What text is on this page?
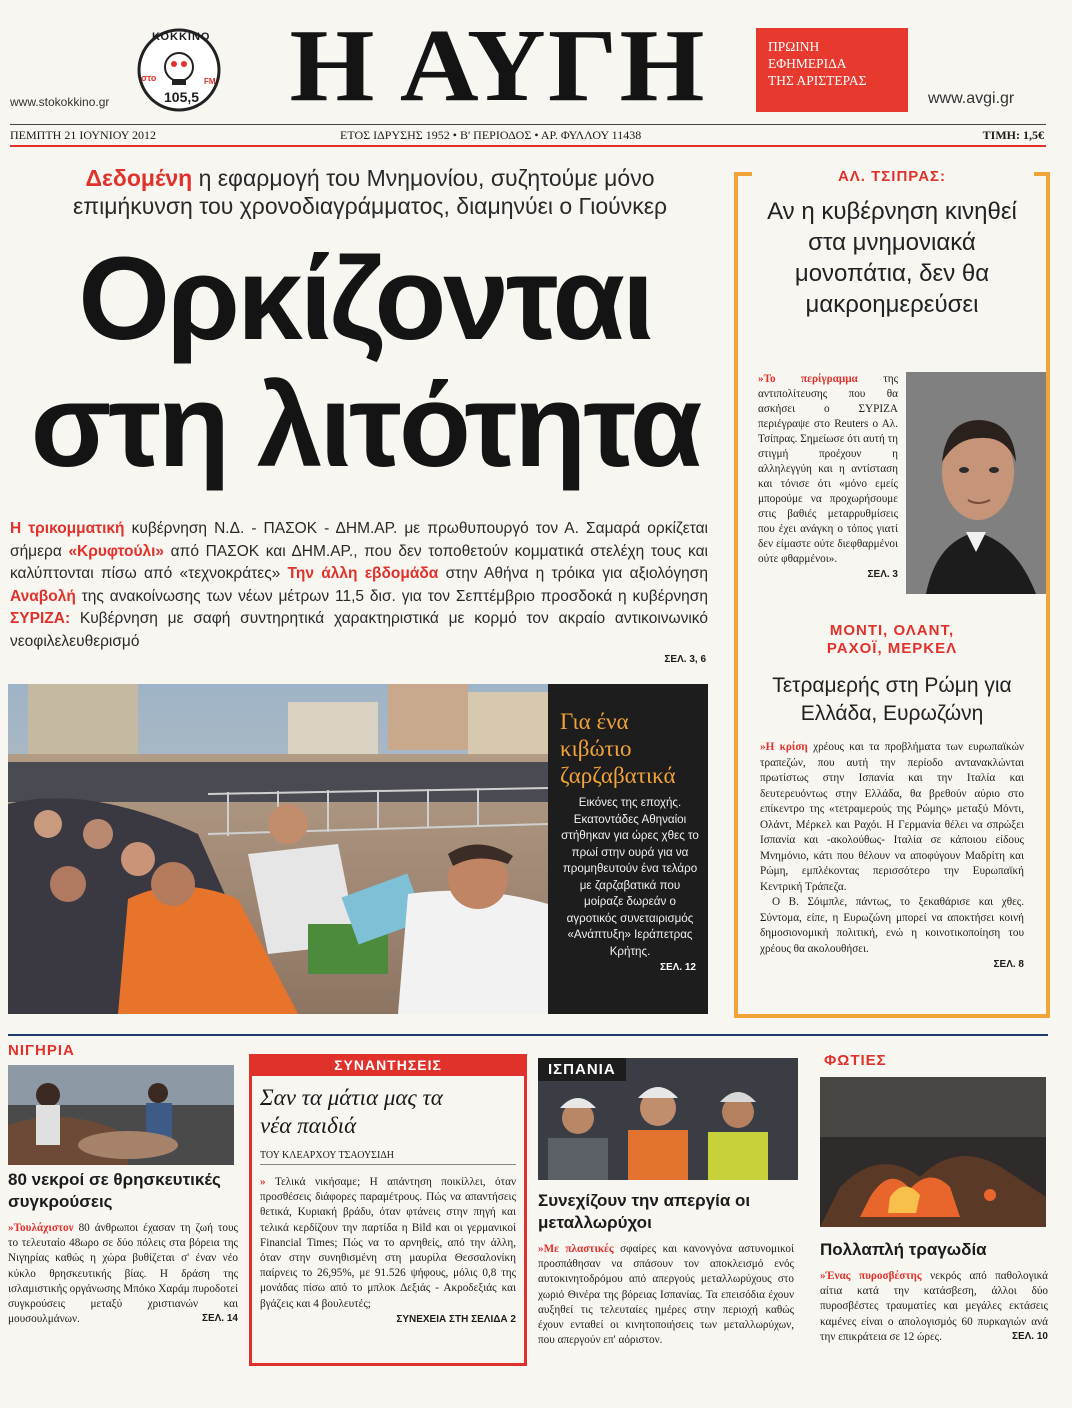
www.stokokkino.gr
ΚΟΚΚΙΝΟ
στο
105,5
FM Η ΑΥΓΗ	ΠΡΩΙΝΗ
ΕΦΗΜΕΡΙΔΑ
ΤΗΣ ΑΡΙΣΤΕΡΑΣ
www.avgi.gr
ΠΕΜΠΤΗ 21 ΙΟΥΝΙΟΥ 2012	ΕΤΟΣ ΙΔΡΥΣΗΣ 1952 • Β' ΠΕΡΙΟΔΟΣ • ΑΡ. ΦΥΛΛΟΥ 11438	ΤΙΜΗ: 1,5€
Δεδομένη η εφαρμογή του Μνημονίου, συζητούμε μόνο
επιμήκυνση του χρονοδιαγράμματος, διαμηνύει ο Γιούνκερ
Ορκίζονται
στη λιτότητα
Η τρικομματική κυβέρνηση Ν.Δ. - ΠΑΣΟΚ - ΔΗΜ.ΑΡ. με πρωθυπουργό τον Α. Σαμαρά ορκίζεται σήμερα «Κρυφτούλι» από ΠΑΣΟΚ και ΔΗΜ.ΑΡ., που δεν τοποθετούν κομματικά στελέχη τους και καλύπτονται πίσω από «τεχνοκράτες» Την άλλη εβδομάδα στην Αθήνα η τρόικα για αξιολόγηση Αναβολή της ανακοίνωσης των νέων μέτρων 11,5 δισ. για τον Σεπτέμβριο προσδοκά η κυβέρνηση ΣΥΡΙΖΑ: Κυβέρνηση με σαφή συντηρητικά χαρακτηριστικά με κορμό τον ακραίο αντικοινωνικό νεοφιλελευθερισμό
ΣΕΛ. 3, 6
Για ένα κιβώτιο ζαρζαβατικά
Εικόνες της εποχής. Εκατοντάδες Αθηναίοι στήθηκαν για ώρες χθες το πρωί στην ουρά για να προμηθευτούν ένα τελάρο με ζαρζαβατικά που μοίραζε δωρεάν ο αγροτικός συνεταιρισμός «Ανάπτυξη» Ιεράπετρας Κρήτης.
ΣΕΛ. 12
ΑΛ. ΤΣΙΠΡΑΣ:
Αν η κυβέρνηση κινηθεί στα μνημονιακά μονοπάτια, δεν θα μακροημερεύσει
»Το περίγραμμα της αντιπολίτευσης που θα ασκήσει ο ΣΥΡΙΖΑ περιέγραψε στο Reuters ο Αλ. Τσίπρας. Σημείωσε ότι αυτή τη στιγμή προέχουν η αλληλεγγύη και η αντίσταση και τόνισε ότι «μόνο εμείς μπορούμε να προχωρήσουμε στις βαθιές μεταρρυθμίσεις που έχει ανάγκη ο τόπος γιατί δεν είμαστε ούτε διεφθαρμένοι ούτε φθαρμένοι».
ΣΕΛ. 3
ΜΟΝΤΙ, ΟΛΑΝΤ,
ΡΑΧΟΪ, ΜΕΡΚΕΛ
Τετραμερής στη Ρώμη για Ελλάδα, Ευρωζώνη
»Η κρίση χρέους και τα προβλήματα των ευρωπαϊκών τραπεζών, που αυτή την περίοδο αντανακλώνται πρωτίστως στην Ισπανία και την Ιταλία και δευτερευόντως στην Ελλάδα, θα βρεθούν αύριο στο επίκεντρο της «τετραμερούς της Ρώμης» μεταξύ Μόντι, Ολάντ, Μέρκελ και Ραχόι. Η Γερμανία θέλει να σπρώξει Ισπανία και -ακολούθως- Ιταλία σε κάποιου είδους Μνημόνιο, κάτι που θέλουν να αποφύγουν Μαδρίτη και Ρώμη, εμπλέκοντας περισσότερο την Ευρωπαϊκή Κεντρική Τράπεζα.
Ο Β. Σόιμπλε, πάντως, το ξεκαθάρισε και χθες. Σύντομα, είπε, η Ευρωζώνη μπορεί να αποκτήσει κοινή δημοσιονομική πολιτική, ενώ η κοινοτικοποίηση του χρέους θα ακολουθήσει.
ΣΕΛ. 8
ΝΙΓΗΡΙΑ
80 νεκροί σε θρησκευτικές συγκρούσεις
»Τουλάχιστον 80 άνθρωποι έχασαν τη ζωή τους το τελευταίο 48ωρο σε δύο πόλεις στα βόρεια της Νιγηρίας καθώς η χώρα βυθίζεται σ' έναν νέο κύκλο θρησκευτικής βίας. Η δράση της ισλαμιστικής οργάνωσης Μπόκο Χαράμ πυροδοτεί συγκρούσεις μεταξύ χριστιανών και μουσουλμάνων.	ΣΕΛ. 14
ΣΥΝΑΝΤΗΣΕΙΣ
Σαν τα μάτια μας τα νέα παιδιά
ΤΟΥ ΚΛΕΑΡΧΟΥ ΤΣΑΟΥΣΙΔΗ
» Τελικά νικήσαμε; Η απάντηση ποικίλλει, όταν προσθέσεις διάφορες παραμέτρους. Πώς να απαντήσεις θετικά, Κυριακή βράδυ, όταν φτάνεις στην πηγή και τελικά κερδίζουν την παρτίδα η Bild και οι γερμανικοί Financial Times; Πώς να το αρνηθείς, από την άλλη, όταν στην συνηθισμένη στη μαυρίλα Θεσσαλονίκη παίρνεις το 26,95%, με 91.526 ψήφους, μόλις 0,8 της μονάδας πίσω από το μπλοκ Δεξιάς - Ακροδεξιάς και βγάζεις και 4 βουλευτές;
ΣΥΝΕΧΕΙΑ ΣΤΗ ΣΕΛΙΔΑ 2
ΙΣΠΑΝΙΑ
Συνεχίζουν την απεργία οι μεταλλωρύχοι
»Με πλαστικές σφαίρες και κανονγόνα αστυνομικοί προσπάθησαν να σπάσουν τον αποκλεισμό ενός αυτοκινητοδρόμου από απεργούς μεταλλωρύχους στο χωριό Θινέρα της βόρειας Ισπανίας. Τα επεισόδια έχουν αυξηθεί τις τελευταίες ημέρες στην περιοχή καθώς έχουν ενταθεί οι κινητοποιήσεις των μεταλλωρύχων, που απεργούν επ' αόριστον.
ΦΩΤΙΕΣ
Πολλαπλή τραγωδία
»Ένας πυροσβέστης νεκρός από παθολογικά αίτια κατά την κατάσβεση, άλλοι δύο πυροσβέστες τραυματίες και μεγάλες εκτάσεις καμένες είναι ο απολογισμός 60 πυρκαγιών ανά την επικράτεια σε 12 ώρες.	ΣΕΛ. 10
